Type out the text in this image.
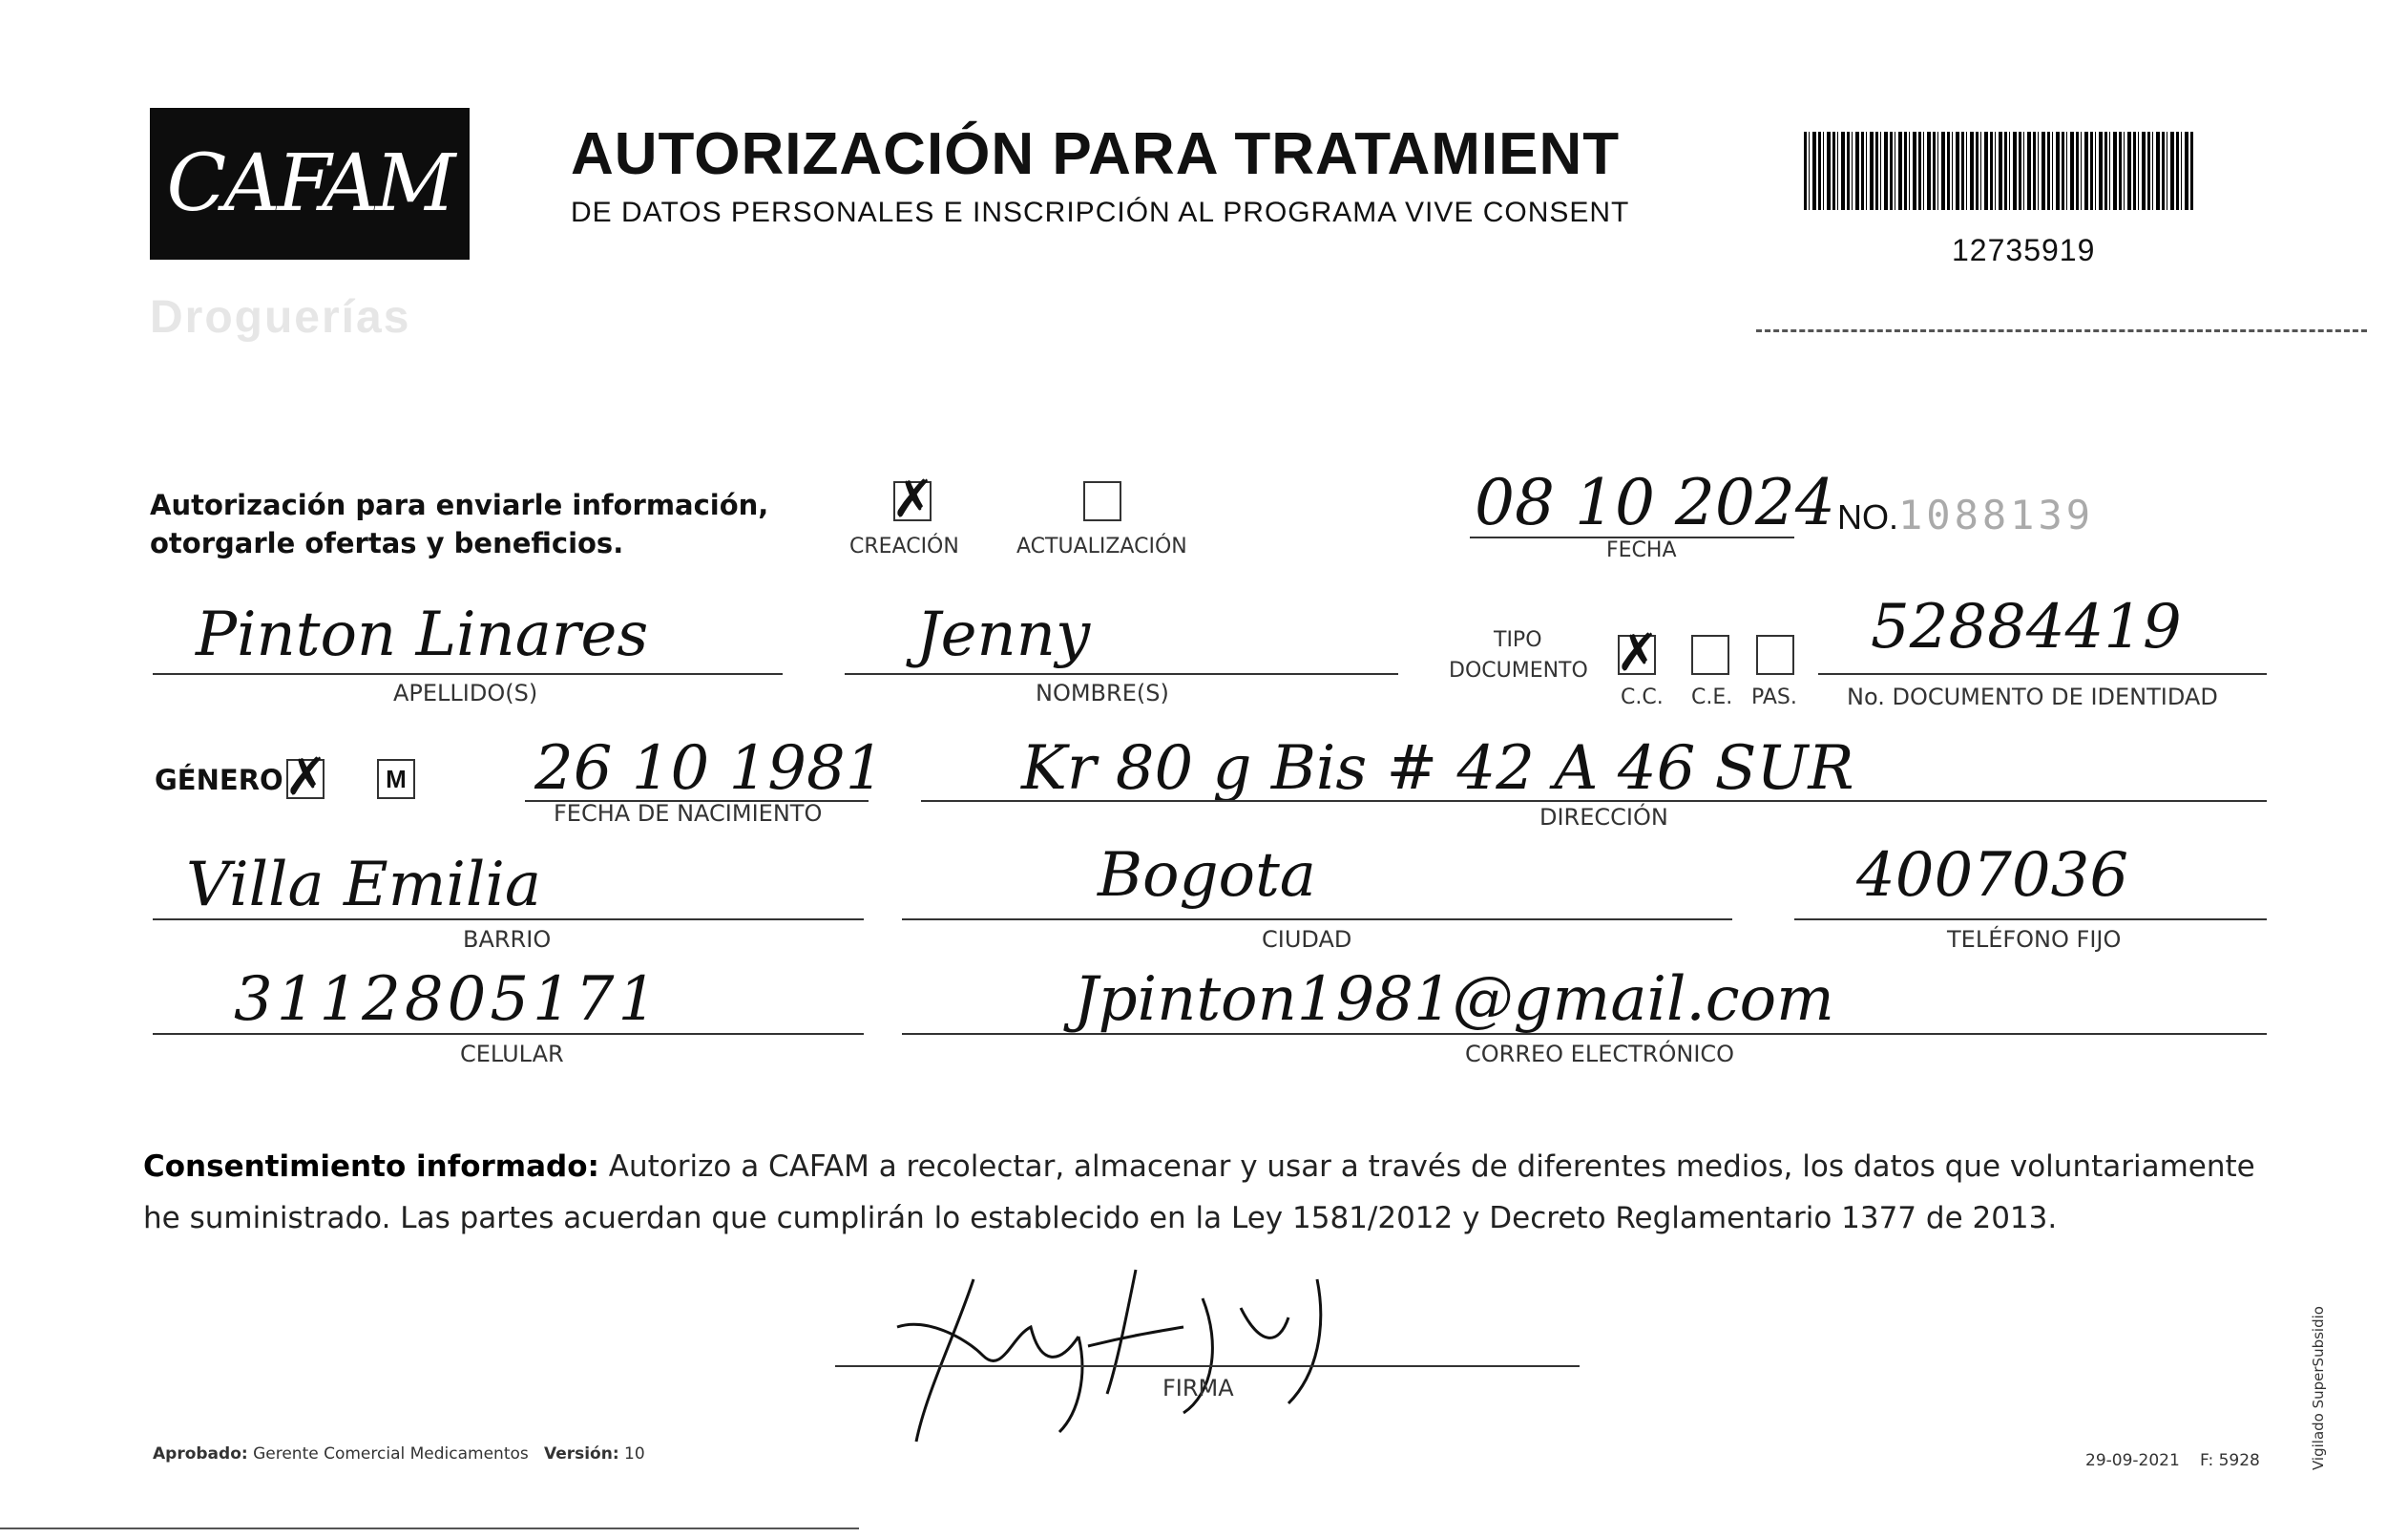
CAFAM
Droguerías
AUTORIZACIÓN PARA TRATAMIENT
DE DATOS PERSONALES E INSCRIPCIÓN AL PROGRAMA VIVE CONSENT
12735919
Autorización para enviarle información,
otorgarle ofertas y beneficios.
✗
CREACIÓN	ACTUALIZACIÓN
08 10 2024
FECHA
NO.1088139
Pinton Linares
APELLIDO(S)
Jenny
NOMBRE(S)
TIPO
DOCUMENTO ✗
C.C. C.E. PAS.
52884419
No. DOCUMENTO DE IDENTIDAD
GÉNERO ✗	M 26 10 1981
FECHA DE NACIMIENTO
Kr 80 g Bis # 42 A 46 SUR
DIRECCIÓN
Villa Emilia
BARRIO
Bogota
CIUDAD
4007036
TELÉFONO FIJO
3112805171
CELULAR
Jpinton1981@gmail.com
CORREO ELECTRÓNICO
Consentimiento informado: Autorizo a CAFAM a recolectar, almacenar y usar a través de diferentes medios, los datos que voluntariamente he suministrado. Las partes acuerdan que cumplirán lo establecido en la Ley 1581/2012 y Decreto Reglamentario 1377 de 2013.
FIRMA
Aprobado: Gerente Comercial Medicamentos Versión: 10	29-09-2021 F: 5928	Vigilado SuperSubsidio
